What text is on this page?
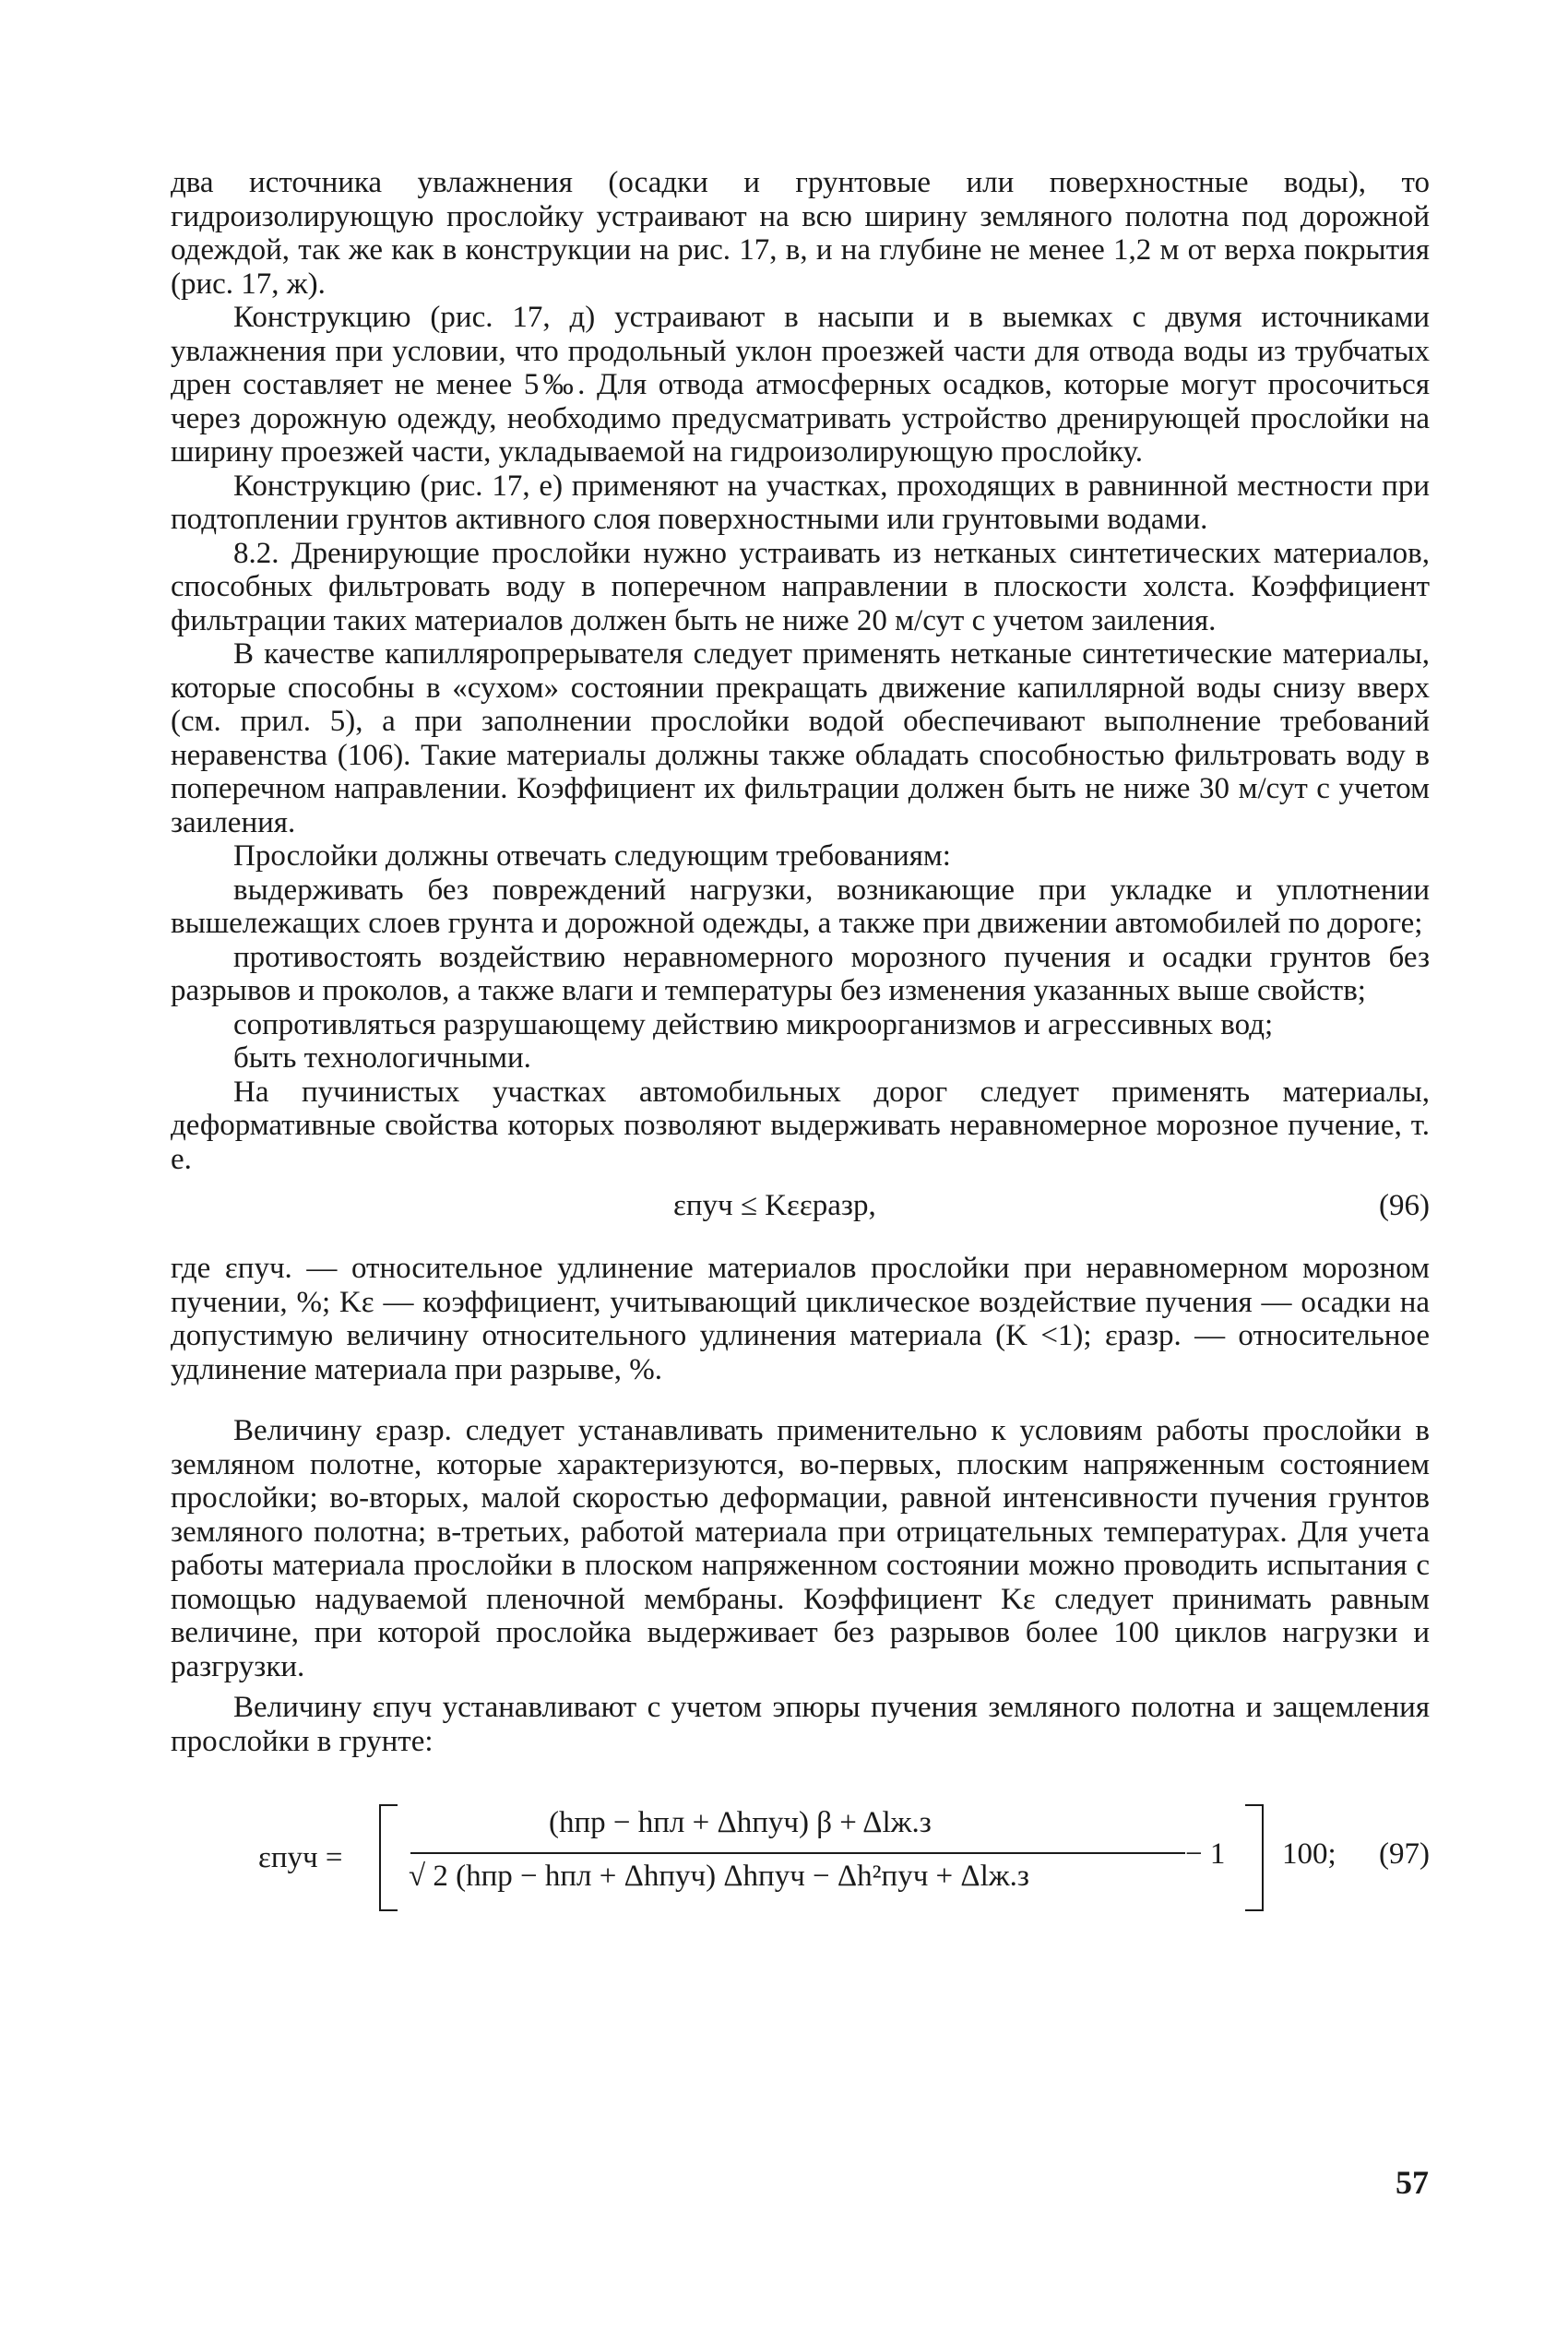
два источника увлажнения (осадки и грунтовые или поверхностные воды), то гидроизолирующую прослойку устраивают на всю ширину земляного полотна под дорожной одеждой, так же как в конструкции на рис. 17, в, и на глубине не менее 1,2 м от верха покрытия (рис. 17, ж).

Конструкцию (рис. 17, д) устраивают в насыпи и в выемках с двумя источниками увлажнения при условии, что продольный уклон проезжей части для отвода воды из трубчатых дрен составляет не менее 5‰. Для отвода атмосферных осадков, которые могут просочиться через дорожную одежду, необходимо предусматривать устройство дренирующей прослойки на ширину проезжей части, укладываемой на гидроизолирующую прослойку.

Конструкцию (рис. 17, е) применяют на участках, проходящих в равнинной местности при подтоплении грунтов активного слоя поверхностными или грунтовыми водами.

8.2. Дренирующие прослойки нужно устраивать из нетканых синтетических материалов, способных фильтровать воду в поперечном направлении в плоскости холста. Коэффициент фильтрации таких материалов должен быть не ниже 20 м/сут с учетом заиления.

В качестве капилляропрерывателя следует применять нетканые синтетические материалы, которые способны в «сухом» состоянии прекращать движение капиллярной воды снизу вверх (см. прил. 5), а при заполнении прослойки водой обеспечивают выполнение требований неравенства (106). Такие материалы должны также обладать способностью фильтровать воду в поперечном направлении. Коэффициент их фильтрации должен быть не ниже 30 м/сут с учетом заиления.

Прослойки должны отвечать следующим требованиям:

выдерживать без повреждений нагрузки, возникающие при укладке и уплотнении вышележащих слоев грунта и дорожной одежды, а также при движении автомобилей по дороге;

противостоять воздействию неравномерного морозного пучения и осадки грунтов без разрывов и проколов, а также влаги и температуры без изменения указанных выше свойств;

сопротивляться разрушающему действию микроорганизмов и агрессивных вод;

быть технологичными.

На пучинистых участках автомобильных дорог следует применять материалы, деформативные свойства которых позволяют выдерживать неравномерное морозное пучение, т. е.

εпуч ≤ Kεεразр,	(96)

где εпуч. — относительное удлинение материалов прослойки при неравномерном морозном пучении, %; Kε — коэффициент, учитывающий циклическое воздействие пучения — осадки на допустимую величину относительного удлинения материала (K <1); εразр. — относительное удлинение материала при разрыве, %.

Величину εразр. следует устанавливать применительно к условиям работы прослойки в земляном полотне, которые характеризуются, во-первых, плоским напряженным состоянием прослойки; во-вторых, малой скоростью деформации, равной интенсивности пучения грунтов земляного полотна; в-третьих, работой материала при отрицательных температурах. Для учета работы материала прослойки в плоском напряженном состоянии можно проводить испытания с помощью надуваемой пленочной мембраны. Коэффициент Kε следует принимать равным величине, при которой прослойка выдерживает без разрывов более 100 циклов нагрузки и разгрузки.

Величину εпуч устанавливают с учетом эпюры пучения земляного полотна и защемления прослойки в грунте:

εпуч =
(hпр − hпл + Δhпуч) β + Δlж.з
√ 2 (hпр − hпл + Δhпуч) Δhпуч − Δh²пуч + Δlж.з
− 1 100; (97)
57
